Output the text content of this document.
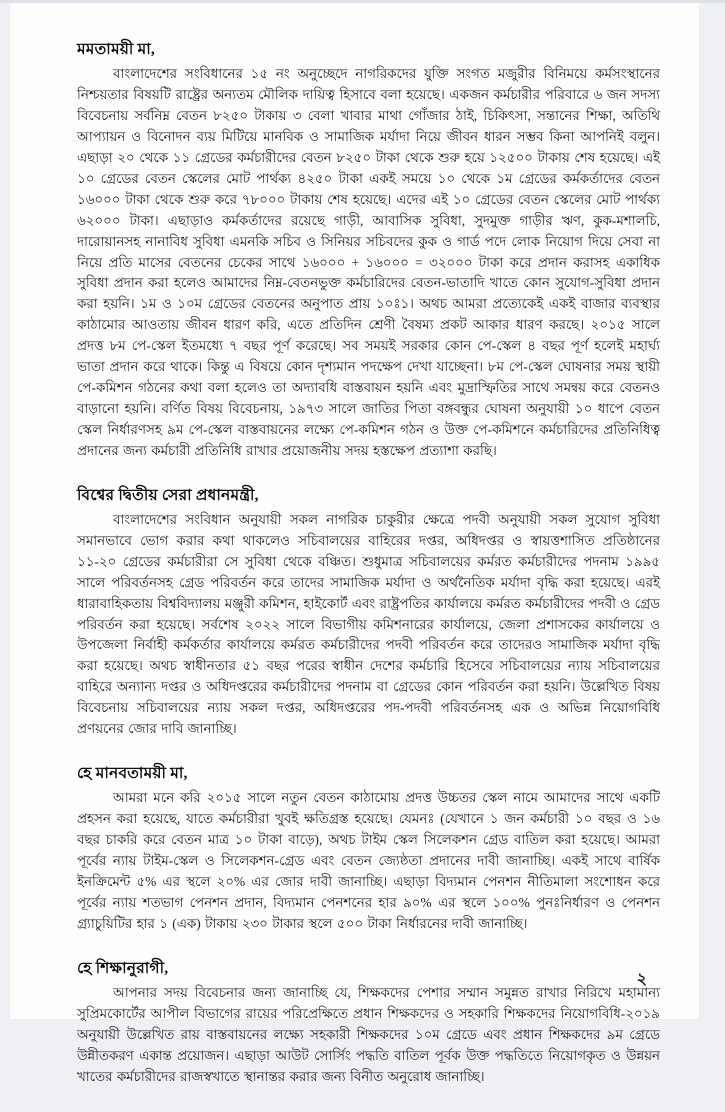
মমতাময়ী মা,

বাংলাদেশের সংবিধানের ১৫ নং অনুচ্ছেদে নাগরিকদের যুক্তি সংগত মজুরীর বিনিময়ে কর্মসংস্থানের নিশ্চয়তার বিষয়টি রাষ্ট্রের অন্যতম মৌলিক দায়িত্ব হিসাবে বলা হয়েছে। একজন কর্মচারীর পরিবারে ৬ জন সদস্য বিবেচনায় সর্বনিম্ন বেতন ৮২৫০ টাকায় ৩ বেলা খাবার মাথা গোঁজার ঠাই, চিকিৎসা, সন্তানের শিক্ষা, অতিথি আপ্যায়ন ও বিনোদন ব্যয় মিটিয়ে মানবিক ও সামাজিক মর্যাদা নিয়ে জীবন ধারন সম্ভব কিনা আপনিই বলুন। এছাড়া ২০ থেকে ১১ গ্রেডের কর্মচারীদের বেতন ৮২৫০ টাকা থেকে শুরু হয়ে ১২৫০০ টাকায় শেষ হয়েছে। এই ১০ গ্রেডের বেতন স্কেলের মোট পার্থক্য ৪২৫০ টাকা একই সময়ে ১০ থেকে ১ম গ্রেডের কর্মকর্তাদের বেতন ১৬০০০ টাকা থেকে শুরু করে ৭৮০০০ টাকায় শেষ হয়েছে। এদের এই ১০ গ্রেডের বেতন স্কেলের মোট পার্থক্য ৬২০০০ টাকা। এছাড়াও কর্মকর্তাদের রয়েছে গাড়ী, আবাসিক সুবিধা, সুদমুক্ত গাড়ীর ঋণ, কুক-মশালচি, দারোয়ানসহ নানাবিধ সুবিধা এমনকি সচিব ও সিনিয়র সচিবদের কুক ও গার্ড পদে লোক নিয়োগ দিয়ে সেবা না নিয়ে প্রতি মাসের বেতনের চেকের সাথে ১৬০০০ + ১৬০০০ = ৩২০০০ টাকা করে প্রদান করাসহ একাধিক সুবিধা প্রদান করা হলেও আমাদের নিম্ন-বেতনভুক্ত কর্মচারিদের বেতন-ভাতাদি খাতে কোন সুযোগ-সুবিধা প্রদান করা হয়নি। ১ম ও ১০ম গ্রেডের বেতনের অনুপাত প্রায় ১০ঃ১। অথচ আমরা প্রত্যেকেই একই বাজার ব্যবস্থার কাঠামোর আওতায় জীবন ধারণ করি, এতে প্রতিদিন শ্রেণী বৈষম্য প্রকট আকার ধারণ করছে। ২০১৫ সালে প্রদত্ত ৮ম পে-স্কেল ইতমধ্যে ৭ বছর পূর্ণ করেছে। সব সময়ই সরকার কোন পে-স্কেল ৪ বছর পূর্ণ হলেই মহার্ঘ্য ভাতা প্রদান করে থাকে। কিন্তু এ বিষয়ে কোন দৃশ্যমান পদক্ষেপ দেখা যাচ্ছেনা। ৮ম পে-স্কেল ঘোষনার সময় স্থায়ী পে-কমিশন গঠনের কথা বলা হলেও তা অদ্যাবধি বাস্তবায়ন হয়নি এবং মুদ্রাস্ফিতির সাথে সমন্বয় করে বেতনও বাড়ানো হয়নি। বর্ণিত বিষয় বিবেচনায়, ১৯৭৩ সালে জাতির পিতা বঙ্গবন্ধুর ঘোষনা অনুযায়ী ১০ ধাপে বেতন স্কেল নির্ধারণসহ ৯ম পে-স্কেল বাস্তবায়নের লক্ষ্যে পে-কমিশন গঠন ও উক্ত পে-কমিশনে কর্মচারিদের প্রতিনিধিত্ব প্রদানের জন্য কর্মচারী প্রতিনিধি রাখার প্রয়োজনীয় সদয় হস্তক্ষেপ প্রত্যাশা করছি।

বিশ্বের দ্বিতীয় সেরা প্রধানমন্ত্রী,

বাংলাদেশের সংবিধান অনুযায়ী সকল নাগরিক চাকুরীর ক্ষেত্রে পদবী অনুযায়ী সকল সুযোগ সুবিধা সমানভাবে ভোগ করার কথা থাকলেও সচিবালয়ের বাহিরের দপ্তর, অধিদপ্তর ও স্বায়ত্তশাসিত প্রতিষ্ঠানের ১১-২০ গ্রেডের কর্মচারীরা সে সুবিধা থেকে বঞ্চিত। শুধুমাত্র সচিবালয়ের কর্মরত কর্মচারীদের পদনাম ১৯৯৫ সালে পরিবর্তনসহ গ্রেড পরিবর্তন করে তাদের সামাজিক মর্যাদা ও অর্থনৈতিক মর্যাদা বৃদ্ধি করা হয়েছে। এরই ধারাবাহিকতায় বিশ্ববিদ্যালয় মঞ্জুরী কমিশন, হাইকোর্ট এবং রাষ্ট্রপতির কার্যালয়ে কর্মরত কর্মচারীদের পদবী ও গ্রেড পরিবর্তন করা হয়েছে। সর্বশেষ ২০২২ সালে বিভাগীয় কমিশনারের কার্যালয়ে, জেলা প্রশাসকের কার্যালয়ে ও উপজেলা নির্বাহী কর্মকর্তার কার্যালয়ে কর্মরত কর্মচারীদের পদবী পরিবর্তন করে তাদেরও সামাজিক মর্যাদা বৃদ্ধি করা হয়েছে। অথচ স্বাধীনতার ৫১ বছর পরের স্বাধীন দেশের কর্মচারি হিসেবে সচিবালয়ের ন্যায় সচিবালয়ের বাহিরে অন্যান্য দপ্তর ও অধিদপ্তরের কর্মচারীদের পদনাম বা গ্রেডের কোন পরিবর্তন করা হয়নি। উল্লেখিত বিষয় বিবেচনায় সচিবালয়ের ন্যায় সকল দপ্তর, অধিদপ্তরের পদ-পদবী পরিবর্তনসহ এক ও অভিন্ন নিয়োগবিধি প্রণয়নের জোর দাবি জানাচ্ছি।

হে মানবতাময়ী মা,

আমরা মনে করি ২০১৫ সালে নতুন বেতন কাঠামোয় প্রদত্ত উচ্চতর স্কেল নামে আমাদের সাথে একটি প্রহসন করা হয়েছে, যাতে কর্মচারীরা খুবই ক্ষতিগ্রস্ত হয়েছে। যেমনঃ (যেখানে ১ জন কর্মচারী ১০ বছর ও ১৬ বছর চাকরি করে বেতন মাত্র ১০ টাকা বাড়ে), অথচ টাইম স্কেল সিলেকশন গ্রেড বাতিল করা হয়েছে। আমরা পূর্বের ন্যায় টাইম-স্কেল ও সিলেকশন-গ্রেড এবং বেতন জ্যেষ্ঠতা প্রদানের দাবী জানাচ্ছি। একই সাথে বার্ষিক ইনক্রিমেন্ট ৫% এর স্থলে ২০% এর জোর দাবী জানাচ্ছি। এছাড়া বিদ্যমান পেনশন নীতিমালা সংশোধন করে পূর্বের ন্যায় শতভাগ পেনশন প্রদান, বিদ্যমান পেনশনের হার ৯০% এর স্থলে ১০০% পুনঃনির্ধারণ ও পেনশন গ্র্যাচুয়িটির হার ১ (এক) টাকায় ২৩০ টাকার স্থলে ৫০০ টাকা নির্ধারনের দাবী জানাচ্ছি।

হে শিক্ষানুরাগী,

আপনার সদয় বিবেচনার জন্য জানাচ্ছি যে, শিক্ষকদের পেশার সম্মান সমুন্নত রাখার নিরিখে মহামান্য সুপ্রিমকোর্টের আপীল বিভাগের রায়ের পরিপ্রেক্ষিতে প্রধান শিক্ষকদের ও সহকারি শিক্ষকদের নিয়োগবিধি-২০১৯ অনুযায়ী উল্লেখিত রায় বাস্তবায়নের লক্ষ্যে সহকারী শিক্ষকদের ১০ম গ্রেডে এবং প্রধান শিক্ষকদের ৯ম গ্রেডে উন্নীতকরণ একান্ত প্রয়োজন। এছাড়া আউট সোর্সিং পদ্ধতি বাতিল পূর্বক উক্ত পদ্ধতিতে নিয়োগকৃত ও উন্নয়ন খাতের কর্মচারীদের রাজস্বখাতে স্থানান্তর করার জন্য বিনীত অনুরোধ জানাচ্ছি।

২
